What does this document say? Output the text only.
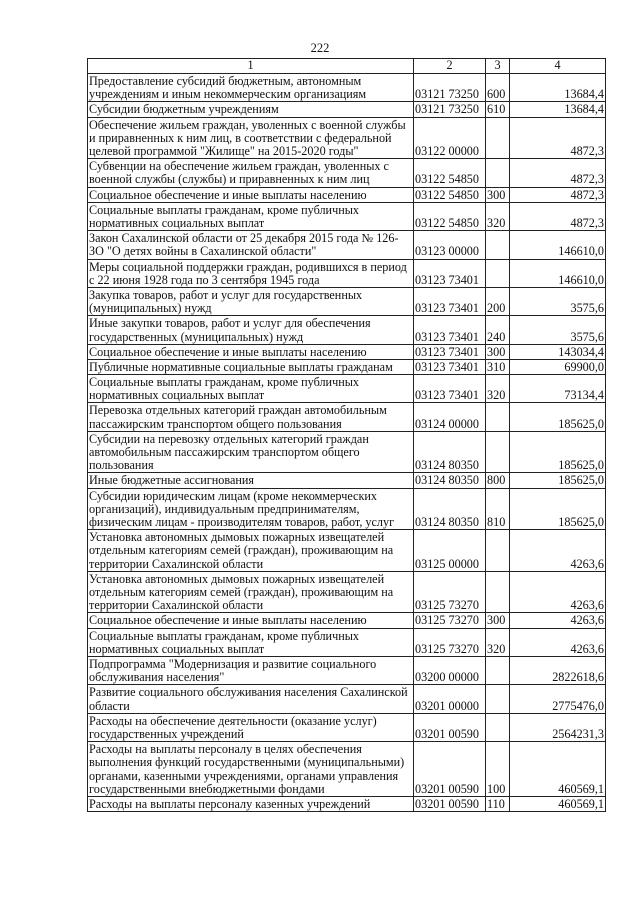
222
1	2	3	4
Предоставление субсидий бюджетным, автономным учреждениям и иным некоммерческим организациям	03121 73250	600	13684,4
Субсидии бюджетным учреждениям	03121 73250	610	13684,4
Обеспечение жильем граждан, уволенных с военной службы и приравненных к ним лиц, в соответствии с федеральной целевой программой "Жилище" на 2015-2020 годы"	03122 00000		4872,3
Субвенции на обеспечение жильем граждан, уволенных с военной службы (службы) и приравненных к ним лиц	03122 54850		4872,3
Социальное обеспечение и иные выплаты населению	03122 54850	300	4872,3
Социальные выплаты гражданам, кроме публичных нормативных социальных выплат	03122 54850	320	4872,3
Закон Сахалинской области от 25 декабря 2015 года № 126-ЗО "О детях войны в Сахалинской области"	03123 00000		146610,0
Меры социальной поддержки граждан, родившихся в период с 22 июня 1928 года по 3 сентября 1945 года	03123 73401		146610,0
Закупка товаров, работ и услуг для государственных (муниципальных) нужд	03123 73401	200	3575,6
Иные закупки товаров, работ и услуг для обеспечения государственных (муниципальных) нужд	03123 73401	240	3575,6
Социальное обеспечение и иные выплаты населению	03123 73401	300	143034,4
Публичные нормативные социальные выплаты гражданам	03123 73401	310	69900,0
Социальные выплаты гражданам, кроме публичных нормативных социальных выплат	03123 73401	320	73134,4
Перевозка отдельных категорий граждан автомобильным пассажирским транспортом общего пользования	03124 00000		185625,0
Субсидии на перевозку отдельных категорий граждан автомобильным пассажирским транспортом общего пользования	03124 80350		185625,0
Иные бюджетные ассигнования	03124 80350	800	185625,0
Субсидии юридическим лицам (кроме некоммерческих организаций), индивидуальным предпринимателям, физическим лицам - производителям товаров, работ, услуг	03124 80350	810	185625,0
Установка автономных дымовых пожарных извещателей отдельным категориям семей (граждан), проживающим на территории Сахалинской области	03125 00000		4263,6
Установка автономных дымовых пожарных извещателей отдельным категориям семей (граждан), проживающим на территории Сахалинской области	03125 73270		4263,6
Социальное обеспечение и иные выплаты населению	03125 73270	300	4263,6
Социальные выплаты гражданам, кроме публичных нормативных социальных выплат	03125 73270	320	4263,6
Подпрограмма "Модернизация и развитие социального обслуживания населения"	03200 00000		2822618,6
Развитие социального обслуживания населения Сахалинской области	03201 00000		2775476,0
Расходы на обеспечение деятельности (оказание услуг) государственных учреждений	03201 00590		2564231,3
Расходы на выплаты персоналу в целях обеспечения выполнения функций государственными (муниципальными) органами, казенными учреждениями, органами управления государственными внебюджетными фондами	03201 00590	100	460569,1
Расходы на выплаты персоналу казенных учреждений	03201 00590	110	460569,1
